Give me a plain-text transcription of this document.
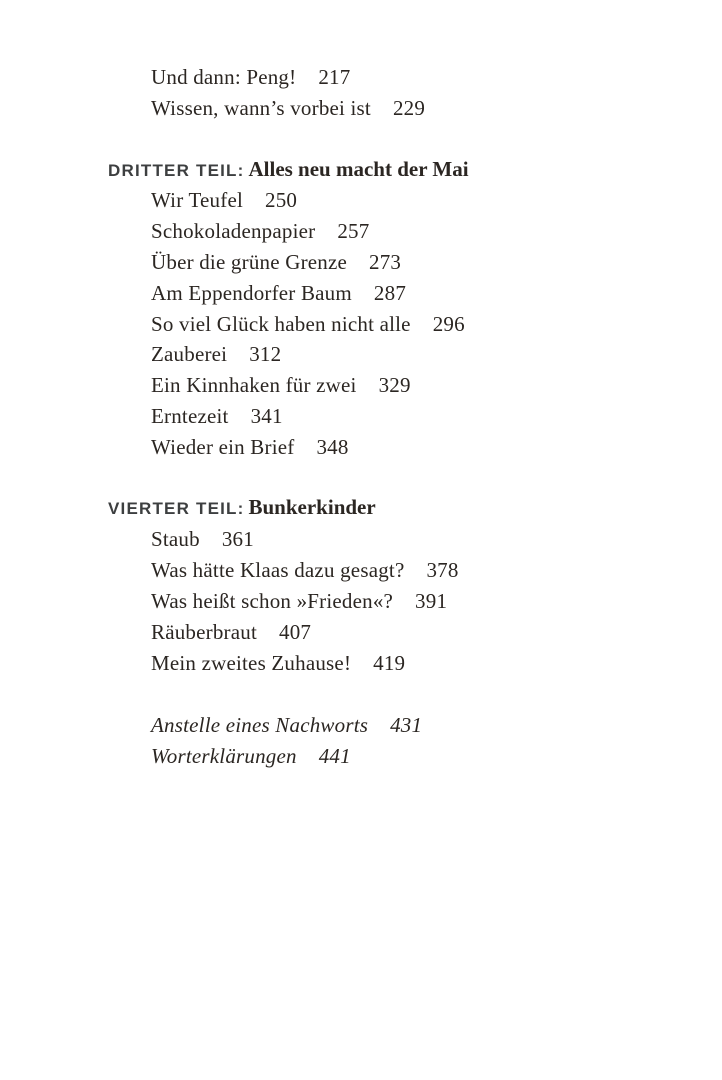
Und dann: Peng! 217
Wissen, wann’s vorbei ist 229
DRITTER TEIL: Alles neu macht der Mai
Wir Teufel 250
Schokoladenpapier 257
Über die grüne Grenze 273
Am Eppendorfer Baum 287
So viel Glück haben nicht alle 296
Zauberei 312
Ein Kinnhaken für zwei 329
Erntezeit 341
Wieder ein Brief 348
VIERTER TEIL: Bunkerkinder
Staub 361
Was hätte Klaas dazu gesagt? 378
Was heißt schon »Frieden«? 391
Räuberbraut 407
Mein zweites Zuhause! 419
Anstelle eines Nachworts 431
Worterklärungen 441
